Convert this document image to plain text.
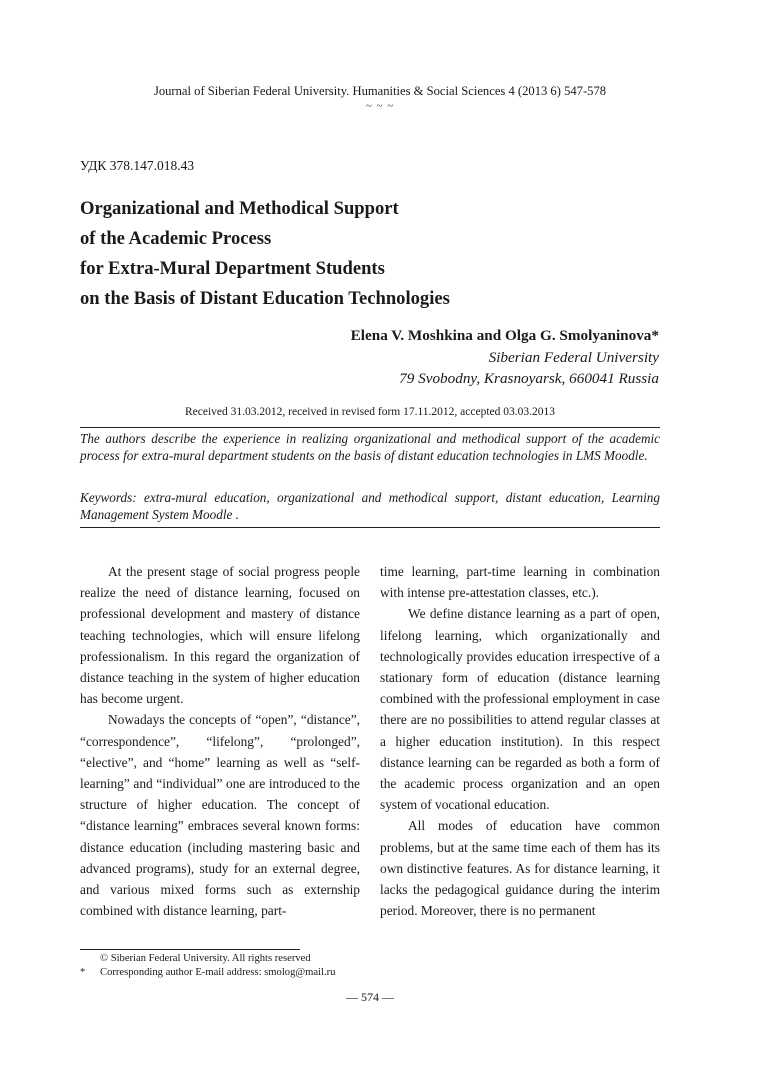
Journal of Siberian Federal University. Humanities & Social Sciences 4 (2013 6) 547-578
~ ~ ~
УДК 378.147.018.43
Organizational and Methodical Support
of the Academic Process
for Extra-Mural Department Students
on the Basis of Distant Education Technologies
Elena V. Moshkina and Olga G. Smolyaninova*
Siberian Federal University
79 Svobodny, Krasnoyarsk, 660041 Russia
Received 31.03.2012, received in revised form 17.11.2012, accepted 03.03.2013
The authors describe the experience in realizing organizational and methodical support of the academic process for extra-mural department students on the basis of distant education technologies in LMS Moodle.
Keywords: extra-mural education, organizational and methodical support, distant education, Learning Management System Moodle .

At the present stage of social progress people realize the need of distance learning, focused on professional development and mastery of distance teaching technologies, which will ensure lifelong professionalism. In this regard the organization of distance teaching in the system of higher education has become urgent.

Nowadays the concepts of “open”, “distance”, “correspondence”, “lifelong”, “prolonged”, “elective”, and “home” learning as well as “self-learning” and “individual” one are introduced to the structure of higher education. The concept of “distance learning” embraces several known forms: distance education (including mastering basic and advanced programs), study for an external degree, and various mixed forms such as externship combined with distance learning, part-

time learning, part-time learning in combination with intense pre-attestation classes, etc.).

We define distance learning as a part of open, lifelong learning, which organizationally and technologically provides education irrespective of a stationary form of education (distance learning combined with the professional employment in case there are no possibilities to attend regular classes at a higher education institution). In this respect distance learning can be regarded as both a form of the academic process organization and an open system of vocational education.

All modes of education have common problems, but at the same time each of them has its own distinctive features. As for distance learning, it lacks the pedagogical guidance during the interim period. Moreover, there is no permanent

© Siberian Federal University. All rights reserved
* Corresponding author E-mail address: smolog@mail.ru
— 574 —
